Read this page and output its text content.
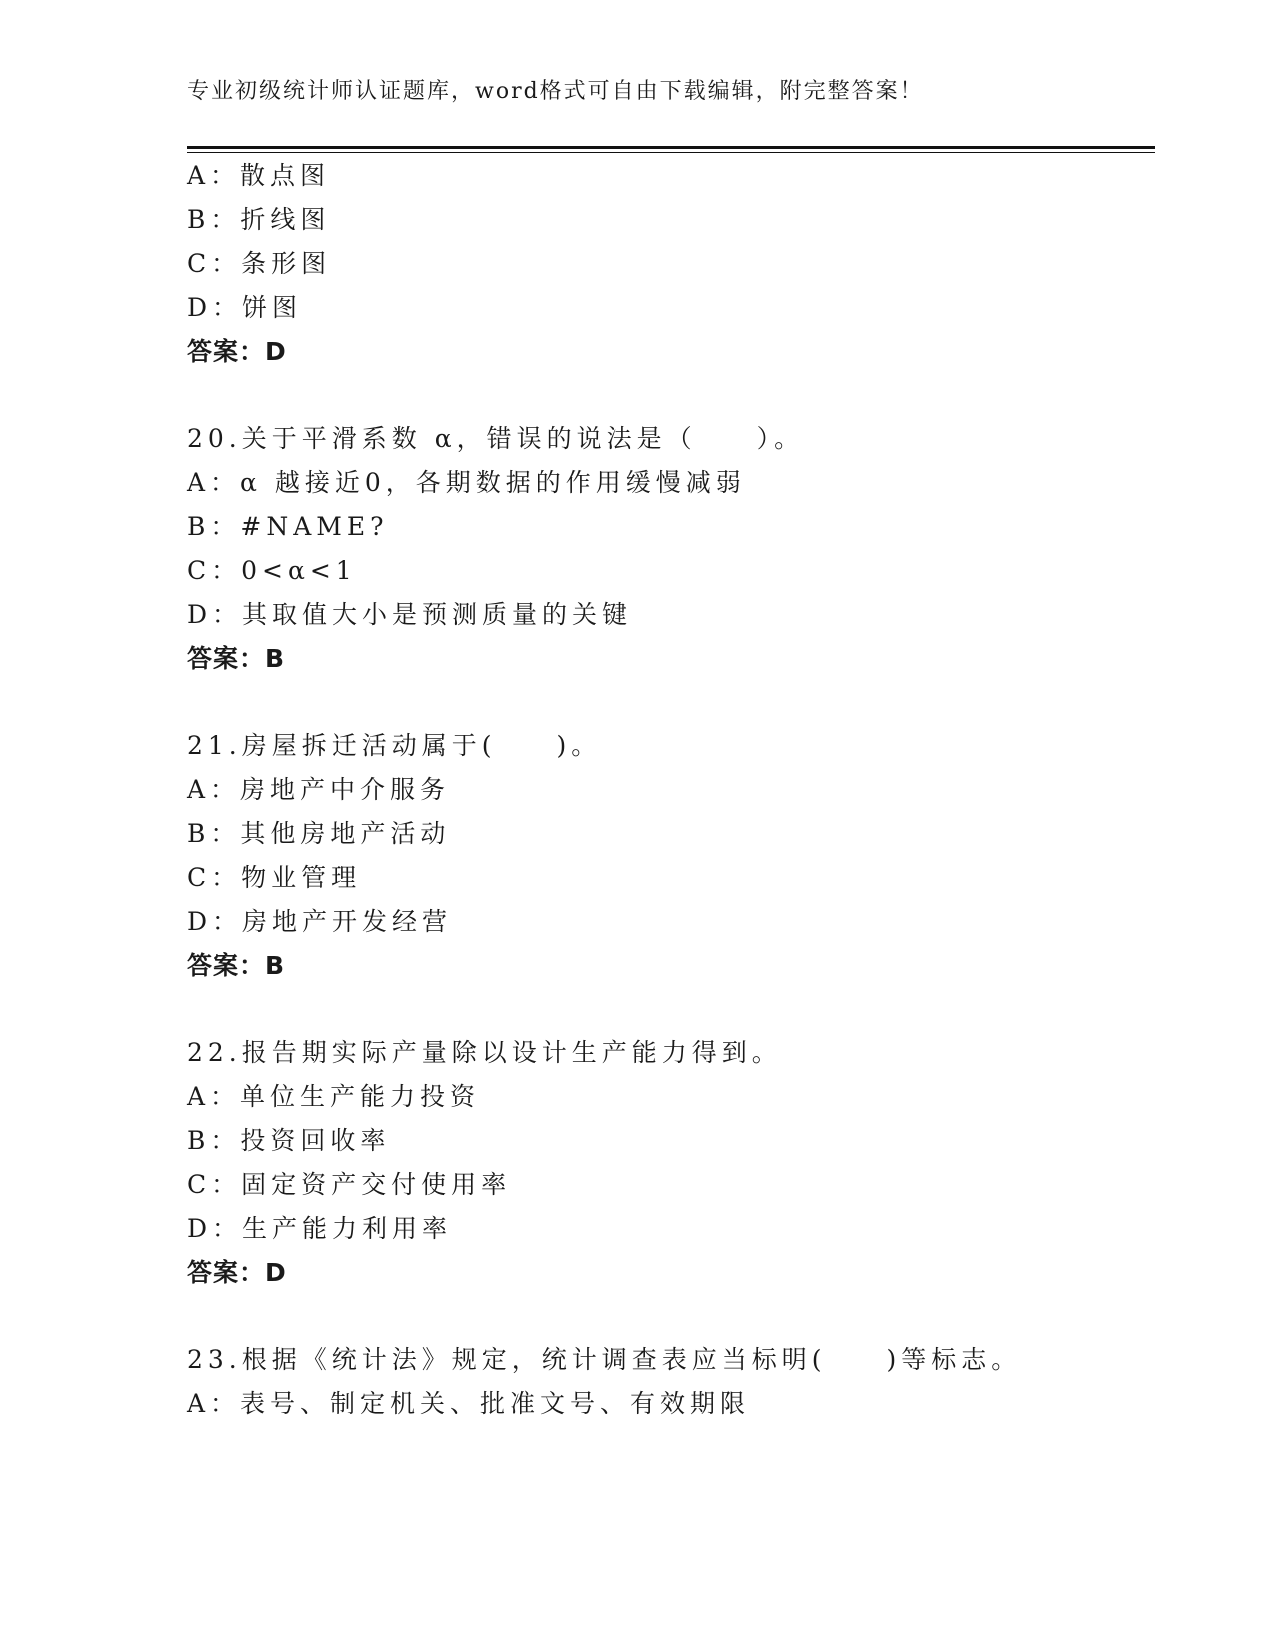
专业初级统计师认证题库，word格式可自由下载编辑，附完整答案！
A：散点图
B：折线图
C：条形图
D：饼图
答案：D
20.关于平滑系数 α，错误的说法是（　　）。
A：α 越接近0，各期数据的作用缓慢减弱
B：#NAME?
C：0<α<1
D：其取值大小是预测质量的关键
答案：B
21.房屋拆迁活动属于(　　)。
A：房地产中介服务
B：其他房地产活动
C：物业管理
D：房地产开发经营
答案：B
22.报告期实际产量除以设计生产能力得到。
A：单位生产能力投资
B：投资回收率
C：固定资产交付使用率
D：生产能力利用率
答案：D
23.根据《统计法》规定，统计调查表应当标明(　　)等标志。
A：表号、制定机关、批准文号、有效期限
